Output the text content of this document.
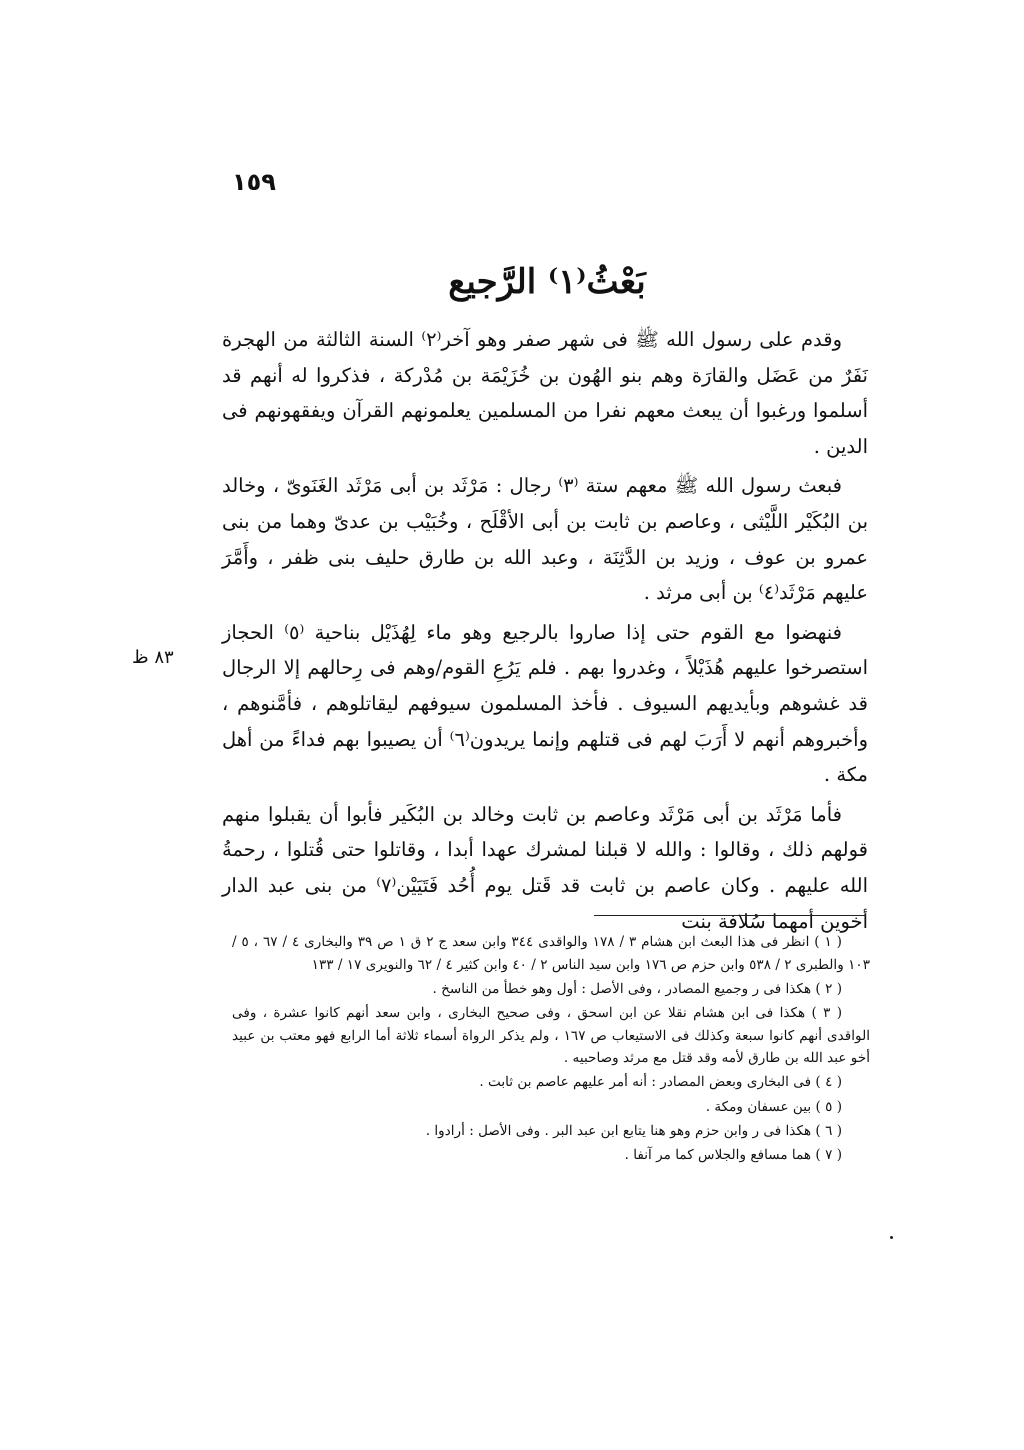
١٥٩
بَعْثُ⁽١⁾ الرَّجيع

وقدم على رسول الله ﷺ فى شهر صفر وهو آخر⁽٢⁾ السنة الثالثة من الهجرة نَفَرٌ من عَضَل والقارَة وهم بنو الهُون بن خُزَيْمَة بن مُدْركة ، فذكروا له أنهم قد أسلموا ورغبوا أن يبعث معهم نفرا من المسلمين يعلمونهم القرآن ويفقهونهم فى الدين .

فبعث رسول الله ﷺ معهم ستة ⁽٣⁾ رجال : مَرْثَد بن أبى مَرْثَد الغَنَوىّ ، وخالد بن البُكَيْر اللَّيْثى ، وعاصم بن ثابت بن أبى الأقْلَح ، وخُبَيْب بن عدىّ وهما من بنى عمرو بن عوف ، وزيد بن الدَّثِنَة ، وعبد الله بن طارق حليف بنى ظفر ، وأَمَّرَ عليهم مَرْثَد⁽٤⁾ بن أبى مرثد .

فنهضوا مع القوم حتى إذا صاروا بالرجيع وهو ماء لِهُذَيْل بناحية ⁽٥⁾ الحجاز استصرخوا عليهم هُذَيْلاً ، وغدروا بهم . فلم يَرُعِ القوم/وهم فى رِحالهم إلا الرجال قد غشوهم وبأيديهم السيوف . فأخذ المسلمون سيوفهم ليقاتلوهم ، فأمَّنوهم ، وأخبروهم أنهم لا أَرَبَ لهم فى قتلهم وإنما يريدون⁽٦⁾ أن يصيبوا بهم فداءً من أهل مكة .

فأما مَرْثَد بن أبى مَرْثَد وعاصم بن ثابت وخالد بن البُكَير فأبوا أن يقبلوا منهم قولهم ذلك ، وقالوا : والله لا قبلنا لمشرك عهدا أبدا ، وقاتلوا حتى قُتلوا ، رحمةُ الله عليهم . وكان عاصم بن ثابت قد قَتل يوم أُحُد فَتَيَيْن⁽٧⁾ من بنى عبد الدار أخوين أمهما سُلافة بنت

٨٣ ظ

( ١ ) انظر فى هذا البعث ابن هشام ٣ / ١٧٨ والواقدى ٣٤٤ وابن سعد ج ٢ ق ١ ص ٣٩ والبخارى ٤ / ٦٧ ، ٥ / ١٠٣ والطبرى ٢ / ٥٣٨ وابن حزم ص ١٧٦ وابن سيد الناس ٢ / ٤٠ وابن كثير ٤ / ٦٢ والنويرى ١٧ / ١٣٣

( ٢ ) هكذا فى ر وجميع المصادر ، وفى الأصل : أول وهو خطأ من الناسخ .

( ٣ ) هكذا فى ابن هشام نقلا عن ابن اسحق ، وفى صحيح البخارى ، وابن سعد أنهم كانوا عشرة ، وفى الواقدى أنهم كانوا سبعة وكذلك فى الاستيعاب ص ١٦٧ ، ولم يذكر الرواة أسماء ثلاثة أما الرابع فهو معتب بن عبيد أخو عبد الله بن طارق لأمه وقد قتل مع مرثد وصاحبيه .

( ٤ ) فى البخارى وبعض المصادر : أنه أمر عليهم عاصم بن ثابت .

( ٥ ) بين عسفان ومكة .

( ٦ ) هكذا فى ر وابن حزم وهو هنا يتابع ابن عبد البر . وفى الأصل : أرادوا .

( ٧ ) هما مسافع والجلاس كما مر آنفا .
